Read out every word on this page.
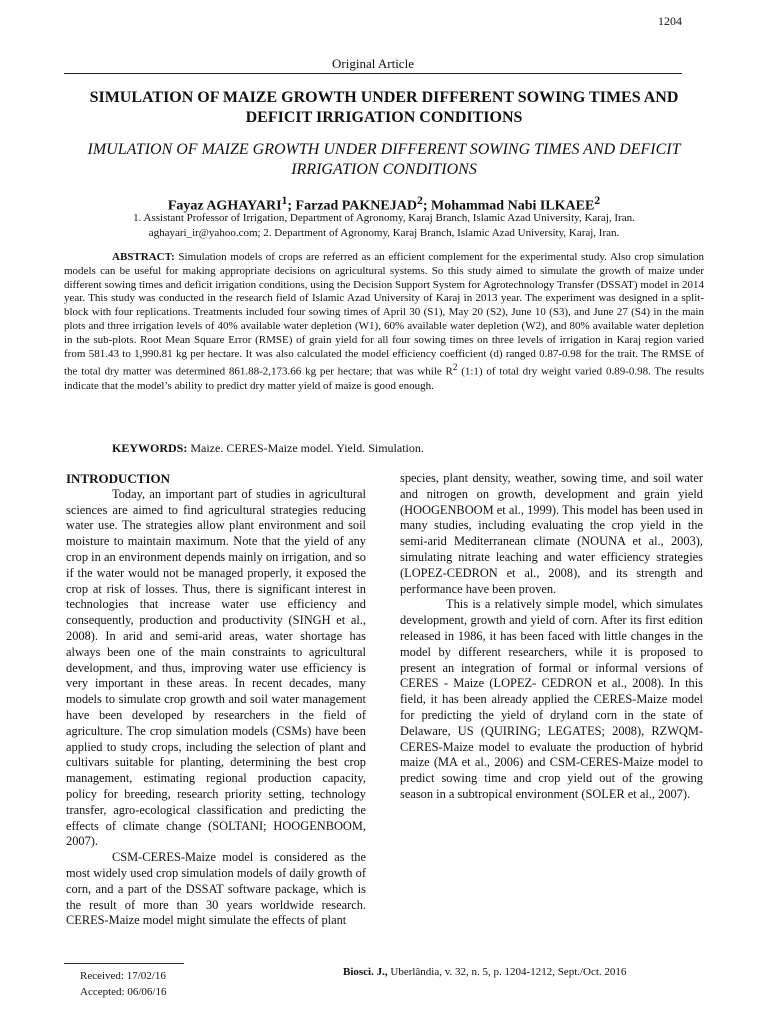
1204
Original Article
SIMULATION OF MAIZE GROWTH UNDER DIFFERENT SOWING TIMES AND DEFICIT IRRIGATION CONDITIONS
IMULATION OF MAIZE GROWTH UNDER DIFFERENT SOWING TIMES AND DEFICIT IRRIGATION CONDITIONS
Fayaz AGHAYARI$^1$; Farzad PAKNEJAD$^2$; Mohammad Nabi ILKAEE$^2$
1. Assistant Professor of Irrigation, Department of Agronomy, Karaj Branch, Islamic Azad University, Karaj, Iran.
aghayari_ir@yahoo.com; 2. Department of Agronomy, Karaj Branch, Islamic Azad University, Karaj, Iran.
ABSTRACT: Simulation models of crops are referred as an efficient complement for the experimental study. Also crop simulation models can be useful for making appropriate decisions on agricultural systems. So this study aimed to simulate the growth of maize under different sowing times and deficit irrigation conditions, using the Decision Support System for Agrotechnology Transfer (DSSAT) model in 2014 year. This study was conducted in the research field of Islamic Azad University of Karaj in 2013 year. The experiment was designed in a split-block with four replications. Treatments included four sowing times of April 30 (S1), May 20 (S2), June 10 (S3), and June 27 (S4) in the main plots and three irrigation levels of 40% available water depletion (W1), 60% available water depletion (W2), and 80% available water depletion in the sub-plots. Root Mean Square Error (RMSE) of grain yield for all four sowing times on three levels of irrigation in Karaj region varied from 581.43 to 1,990.81 kg per hectare. It was also calculated the model efficiency coefficient (d) ranged 0.87-0.98 for the trait. The RMSE of the total dry matter was determined 861.88-2,173.66 kg per hectare; that was while $R^2$ (1:1) of total dry weight varied 0.89-0.98. The results indicate that the model’s ability to predict dry matter yield of maize is good enough.
KEYWORDS: Maize. CERES-Maize model. Yield. Simulation.

INTRODUCTION

Today, an important part of studies in agricultural sciences are aimed to find agricultural strategies reducing water use. The strategies allow plant environment and soil moisture to maintain maximum. Note that the yield of any crop in an environment depends mainly on irrigation, and so if the water would not be managed properly, it exposed the crop at risk of losses. Thus, there is significant interest in technologies that increase water use efficiency and consequently, production and productivity (SINGH et al., 2008). In arid and semi-arid areas, water shortage has always been one of the main constraints to agricultural development, and thus, improving water use efficiency is very important in these areas. In recent decades, many models to simulate crop growth and soil water management have been developed by researchers in the field of agriculture. The crop simulation models (CSMs) have been applied to study crops, including the selection of plant and cultivars suitable for planting, determining the best crop management, estimating regional production capacity, policy for breeding, research priority setting, technology transfer, agro-ecological classification and predicting the effects of climate change (SOLTANI; HOOGENBOOM, 2007).

CSM-CERES-Maize model is considered as the most widely used crop simulation models of daily growth of corn, and a part of the DSSAT software package, which is the result of more than 30 years worldwide research. CERES-Maize model might simulate the effects of plant

species, plant density, weather, sowing time, and soil water and nitrogen on growth, development and grain yield (HOOGENBOOM et al., 1999). This model has been used in many studies, including evaluating the crop yield in the semi-arid Mediterranean climate (NOUNA et al., 2003), simulating nitrate leaching and water efficiency strategies (LOPEZ-CEDRON et al., 2008), and its strength and performance have been proven.

This is a relatively simple model, which simulates development, growth and yield of corn. After its first edition released in 1986, it has been faced with little changes in the model by different researchers, while it is proposed to present an integration of formal or informal versions of CERES - Maize (LOPEZ- CEDRON et al., 2008). In this field, it has been already applied the CERES-Maize model for predicting the yield of dryland corn in the state of Delaware, US (QUIRING; LEGATES; 2008), RZWQM-CERES-Maize model to evaluate the production of hybrid maize (MA et al., 2006) and CSM-CERES-Maize model to predict sowing time and crop yield out of the growing season in a subtropical environment (SOLER et al., 2007).

Received: 17/02/16
Accepted: 06/06/16
Biosci. J., Uberlândia, v. 32, n. 5, p. 1204-1212, Sept./Oct. 2016
